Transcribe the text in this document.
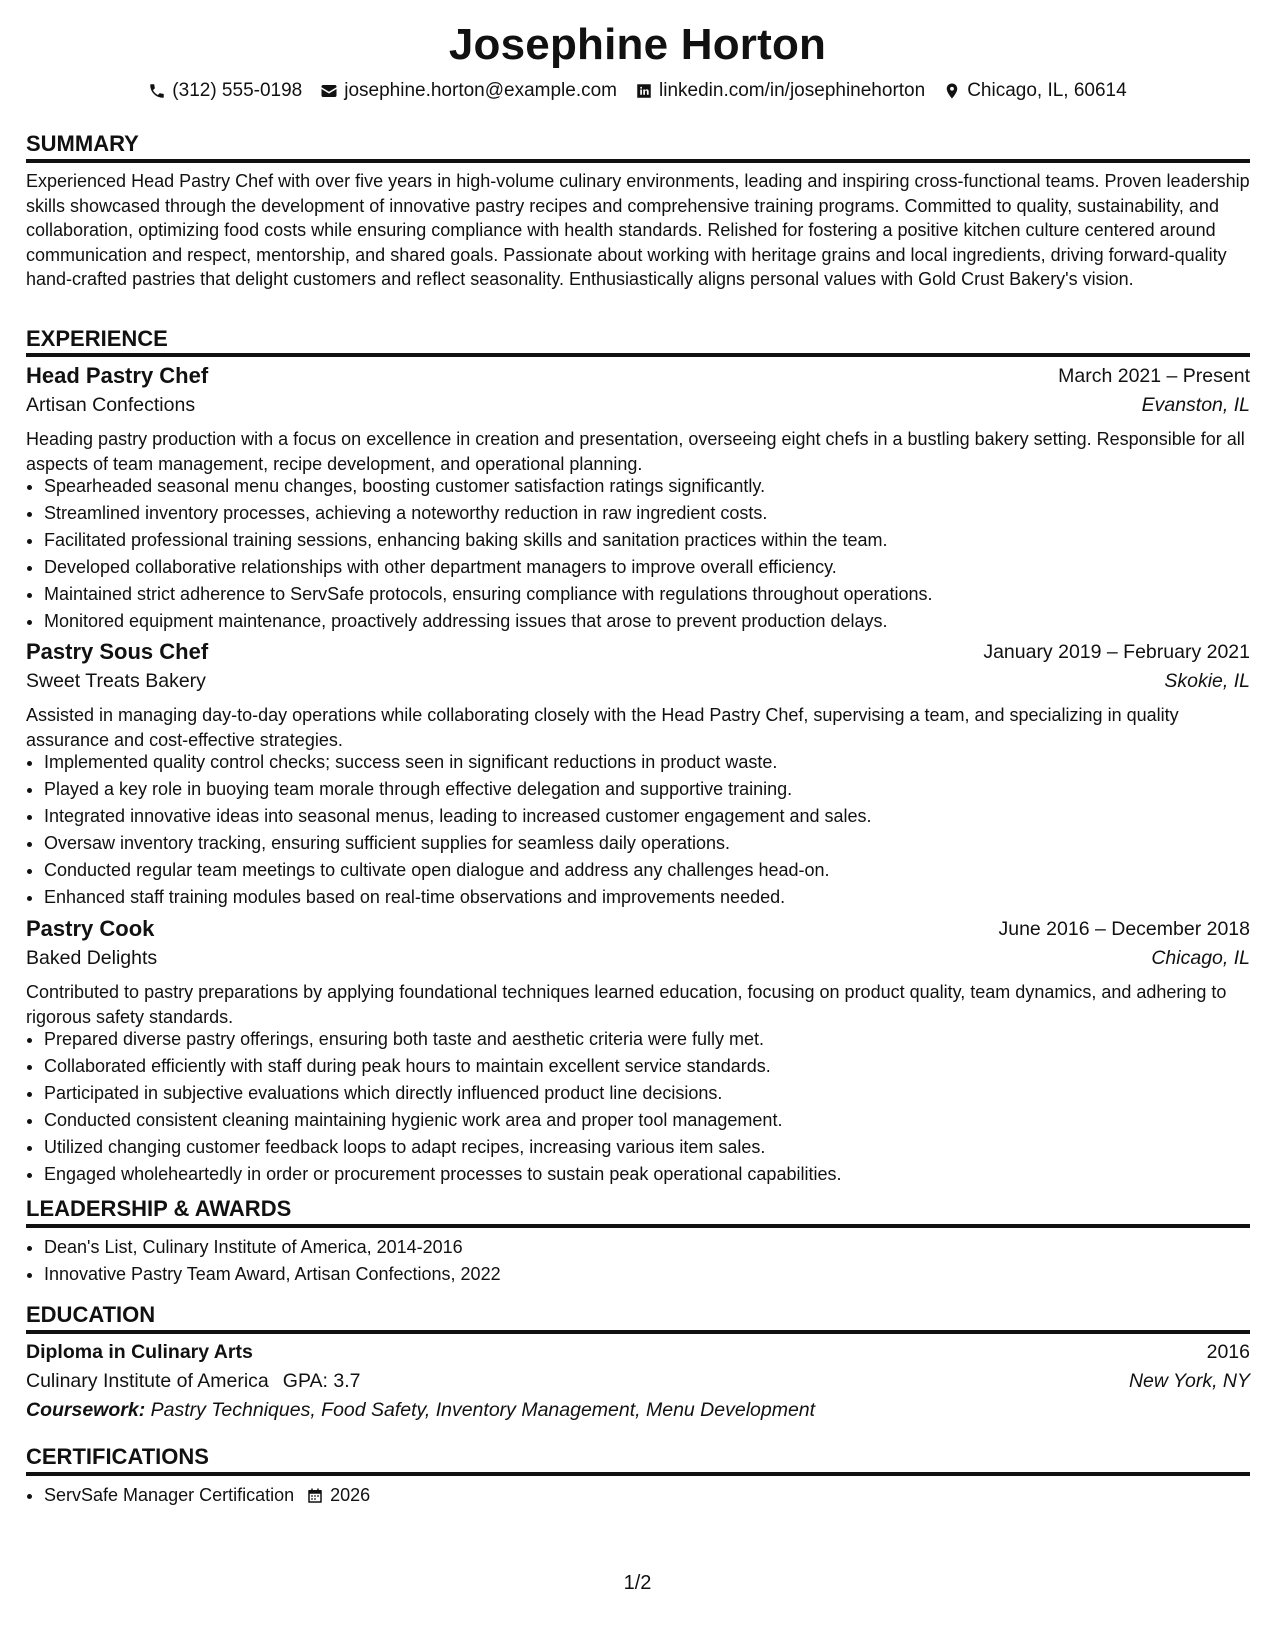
Josephine Horton
(312) 555-0198 josephine.horton@example.com linkedin.com/in/josephinehorton Chicago, IL, 60614
SUMMARY
Experienced Head Pastry Chef with over five years in high-volume culinary environments, leading and inspiring cross-functional teams. Proven leadership skills showcased through the development of innovative pastry recipes and comprehensive training programs. Committed to quality, sustainability, and collaboration, optimizing food costs while ensuring compliance with health standards. Relished for fostering a positive kitchen culture centered around communication and respect, mentorship, and shared goals. Passionate about working with heritage grains and local ingredients, driving forward-quality hand-crafted pastries that delight customers and reflect seasonality. Enthusiastically aligns personal values with Gold Crust Bakery's vision.
EXPERIENCE
Head Pastry Chef	March 2021 – Present
Artisan Confections	Evanston, IL
Heading pastry production with a focus on excellence in creation and presentation, overseeing eight chefs in a bustling bakery setting. Responsible for all aspects of team management, recipe development, and operational planning.
• Spearheaded seasonal menu changes, boosting customer satisfaction ratings significantly.
• Streamlined inventory processes, achieving a noteworthy reduction in raw ingredient costs.
• Facilitated professional training sessions, enhancing baking skills and sanitation practices within the team.
• Developed collaborative relationships with other department managers to improve overall efficiency.
• Maintained strict adherence to ServSafe protocols, ensuring compliance with regulations throughout operations.
• Monitored equipment maintenance, proactively addressing issues that arose to prevent production delays.
Pastry Sous Chef	January 2019 – February 2021
Sweet Treats Bakery	Skokie, IL
Assisted in managing day-to-day operations while collaborating closely with the Head Pastry Chef, supervising a team, and specializing in quality assurance and cost-effective strategies.
• Implemented quality control checks; success seen in significant reductions in product waste.
• Played a key role in buoying team morale through effective delegation and supportive training.
• Integrated innovative ideas into seasonal menus, leading to increased customer engagement and sales.
• Oversaw inventory tracking, ensuring sufficient supplies for seamless daily operations.
• Conducted regular team meetings to cultivate open dialogue and address any challenges head-on.
• Enhanced staff training modules based on real-time observations and improvements needed.
Pastry Cook	June 2016 – December 2018
Baked Delights	Chicago, IL
Contributed to pastry preparations by applying foundational techniques learned education, focusing on product quality, team dynamics, and adhering to rigorous safety standards.
• Prepared diverse pastry offerings, ensuring both taste and aesthetic criteria were fully met.
• Collaborated efficiently with staff during peak hours to maintain excellent service standards.
• Participated in subjective evaluations which directly influenced product line decisions.
• Conducted consistent cleaning maintaining hygienic work area and proper tool management.
• Utilized changing customer feedback loops to adapt recipes, increasing various item sales.
• Engaged wholeheartedly in order or procurement processes to sustain peak operational capabilities.
LEADERSHIP & AWARDS
• Dean's List, Culinary Institute of America, 2014-2016
• Innovative Pastry Team Award, Artisan Confections, 2022
EDUCATION
Diploma in Culinary Arts	2016
Culinary Institute of America GPA: 3.7	New York, NY
Coursework: Pastry Techniques, Food Safety, Inventory Management, Menu Development
CERTIFICATIONS
• ServSafe Manager Certification 2026
1/2
